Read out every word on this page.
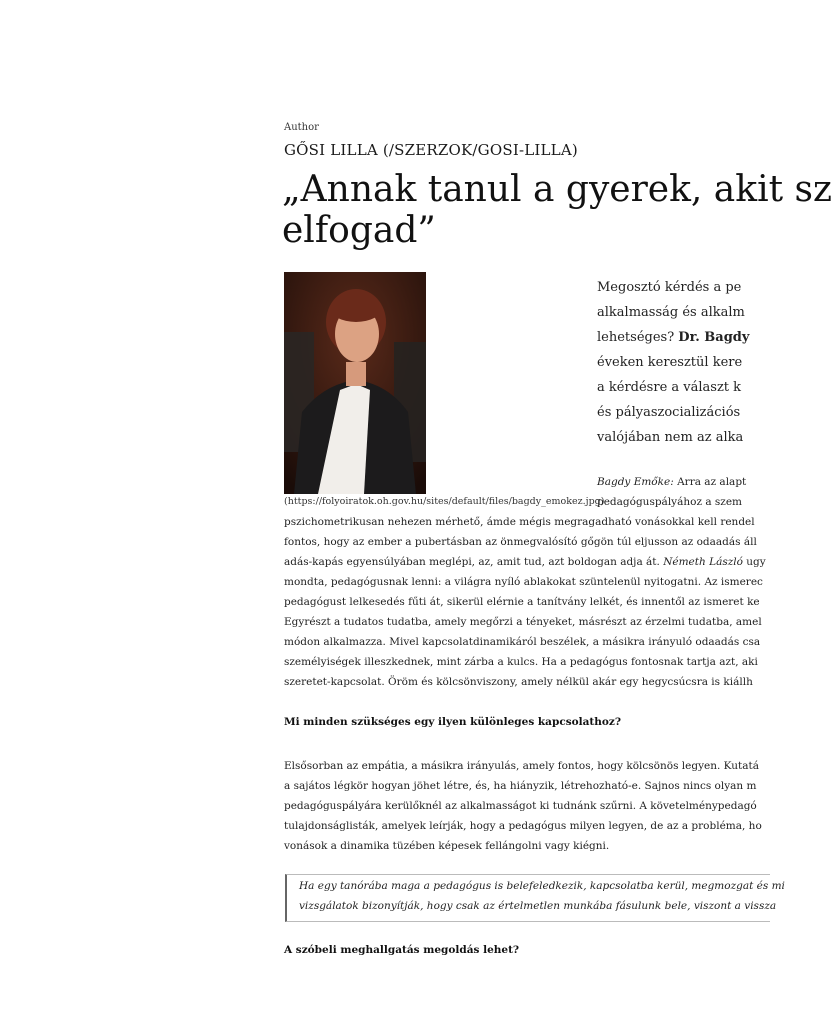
Author
GŐSI LILLA (/SZERZOK/GOSI-LILLA)
„Annak tanul a gyerek, akit sz
elfogad”
(https://folyoiratok.oh.gov.hu/sites/default/files/bagdy_emokez.jpg)
Megosztó kérdés a pe
alkalmasság és alkalm
lehetséges? Dr. Bagdy
éveken keresztül kere
a kérdésre a választ k
és pályaszocializációs
valójában nem az alka
Bagdy Emőke: Arra az alapt
pedagóguspályához a szem
pszichometrikusan nehezen mérhető, ámde mégis megragadható vonásokkal kell rendel
fontos, hogy az ember a pubertásban az önmegvalósító gőgön túl eljusson az odaadás áll
adás-kapás egyensúlyában meglépi, az, amit tud, azt boldogan adja át. Németh László ugy
mondta, pedagógusnak lenni: a világra nyíló ablakokat szüntelenül nyitogatni. Az ismerec
pedagógust lelkesedés fűti át, sikerül elérnie a tanítvány lelkét, és innentől az ismeret ke
Egyrészt a tudatos tudatba, amely megőrzi a tényeket, másrészt az érzelmi tudatba, amel
módon alkalmazza. Mivel kapcsolatdinamikáról beszélek, a másikra irányuló odaadás csa
személyiségek illeszkednek, mint zárba a kulcs. Ha a pedagógus fontosnak tartja azt, aki
szeretet-kapcsolat. Öröm és kölcsönviszony, amely nélkül akár egy hegycsúcsra is kiállh
Mi minden szükséges egy ilyen különleges kapcsolathoz?
Elsősorban az empátia, a másikra irányulás, amely fontos, hogy kölcsönös legyen. Kutatá
a sajátos légkör hogyan jöhet létre, és, ha hiányzik, létrehozható-e. Sajnos nincs olyan m
pedagóguspályára kerülőknél az alkalmasságot ki tudnánk szűrni. A követelménypedagó
tulajdonságlisták, amelyek leírják, hogy a pedagógus milyen legyen, de az a probléma, ho
vonások a dinamika tüzében képesek fellángolni vagy kiégni.
Ha egy tanórába maga a pedagógus is belefeledkezik, kapcsolatba kerül, megmozgat és mi
vizsgálatok bizonyítják, hogy csak az értelmetlen munkába fásulunk bele, viszont a vissza
A szóbeli meghallgatás megoldás lehet?
